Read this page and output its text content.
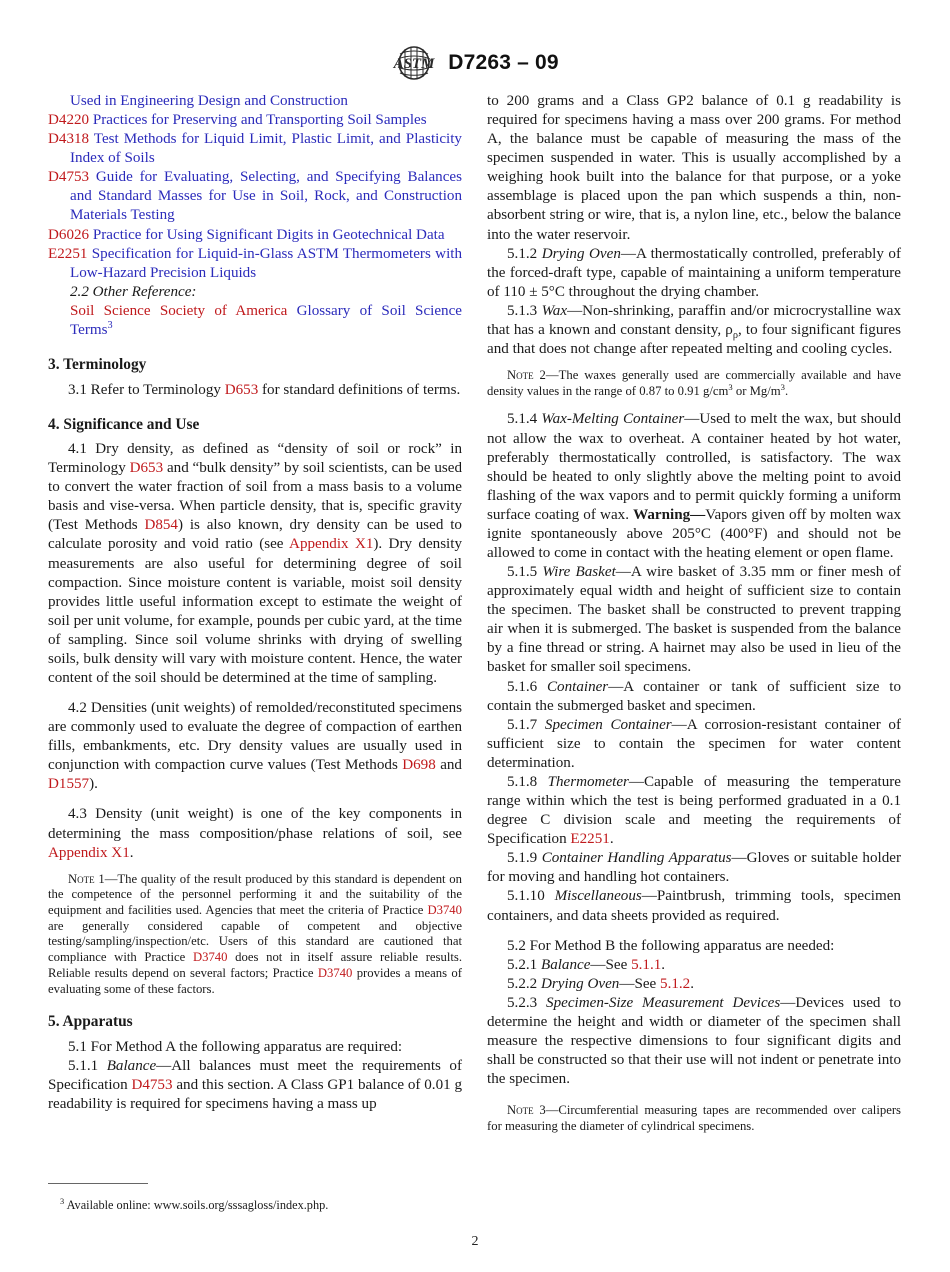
ASTM D7263 – 09

Used in Engineering Design and Construction

D4220 Practices for Preserving and Transporting Soil Samples

D4318 Test Methods for Liquid Limit, Plastic Limit, and Plasticity Index of Soils

D4753 Guide for Evaluating, Selecting, and Specifying Balances and Standard Masses for Use in Soil, Rock, and Construction Materials Testing

D6026 Practice for Using Significant Digits in Geotechnical Data

E2251 Specification for Liquid-in-Glass ASTM Thermometers with Low-Hazard Precision Liquids

2.2 Other Reference:

Soil Science Society of America Glossary of Soil Science Terms$^3$

3. Terminology

3.1 Refer to Terminology D653 for standard definitions of terms.

4. Significance and Use

4.1 Dry density, as defined as “density of soil or rock” in Terminology D653 and “bulk density” by soil scientists, can be used to convert the water fraction of soil from a mass basis to a volume basis and vise-versa. When particle density, that is, specific gravity (Test Methods D854) is also known, dry density can be used to calculate porosity and void ratio (see Appendix X1). Dry density measurements are also useful for determining degree of soil compaction. Since moisture content is variable, moist soil density provides little useful information except to estimate the weight of soil per unit volume, for example, pounds per cubic yard, at the time of sampling. Since soil volume shrinks with drying of swelling soils, bulk density will vary with moisture content. Hence, the water content of the soil should be determined at the time of sampling.

4.2 Densities (unit weights) of remolded/reconstituted specimens are commonly used to evaluate the degree of compaction of earthen fills, embankments, etc. Dry density values are usually used in conjunction with compaction curve values (Test Methods D698 and D1557).

4.3 Density (unit weight) is one of the key components in determining the mass composition/phase relations of soil, see Appendix X1.

Note 1—The quality of the result produced by this standard is dependent on the competence of the personnel performing it and the suitability of the equipment and facilities used. Agencies that meet the criteria of Practice D3740 are generally considered capable of competent and objective testing/sampling/inspection/etc. Users of this standard are cautioned that compliance with Practice D3740 does not in itself assure reliable results. Reliable results depend on several factors; Practice D3740 provides a means of evaluating some of these factors.

5. Apparatus

5.1 For Method A the following apparatus are required:

5.1.1 Balance—All balances must meet the requirements of Specification D4753 and this section. A Class GP1 balance of 0.01 g readability is required for specimens having a mass up

to 200 grams and a Class GP2 balance of 0.1 g readability is required for specimens having a mass over 200 grams. For method A, the balance must be capable of measuring the mass of the specimen suspended in water. This is usually accomplished by a weighing hook built into the balance for that purpose, or a yoke assemblage is placed upon the pan which suspends a thin, non-absorbent string or wire, that is, a nylon line, etc., below the balance into the water reservoir.

5.1.2 Drying Oven—A thermostatically controlled, preferably of the forced-draft type, capable of maintaining a uniform temperature of 110 ± 5°C throughout the drying chamber.

5.1.3 Wax—Non-shrinking, paraffin and/or microcrystalline wax that has a known and constant density, $\rho_\rho$, to four significant figures and that does not change after repeated melting and cooling cycles.

Note 2—The waxes generally used are commercially available and have density values in the range of 0.87 to 0.91 $g/cm^3$ or $Mg/m^3$.

5.1.4 Wax-Melting Container—Used to melt the wax, but should not allow the wax to overheat. A container heated by hot water, preferably thermostatically controlled, is satisfactory. The wax should be heated to only slightly above the melting point to avoid flashing of the wax vapors and to permit quickly forming a uniform surface coating of wax. Warning—Vapors given off by molten wax ignite spontaneously above 205°C (400°F) and should not be allowed to come in contact with the heating element or open flame.

5.1.5 Wire Basket—A wire basket of 3.35 mm or finer mesh of approximately equal width and height of sufficient size to contain the specimen. The basket shall be constructed to prevent trapping air when it is submerged. The basket is suspended from the balance by a fine thread or string. A hairnet may also be used in lieu of the basket for smaller soil specimens.

5.1.6 Container—A container or tank of sufficient size to contain the submerged basket and specimen.

5.1.7 Specimen Container—A corrosion-resistant container of sufficient size to contain the specimen for water content determination.

5.1.8 Thermometer—Capable of measuring the temperature range within which the test is being performed graduated in a 0.1 degree C division scale and meeting the requirements of Specification E2251.

5.1.9 Container Handling Apparatus—Gloves or suitable holder for moving and handling hot containers.

5.1.10 Miscellaneous—Paintbrush, trimming tools, specimen containers, and data sheets provided as required.

5.2 For Method B the following apparatus are needed:

5.2.1 Balance—See 5.1.1.

5.2.2 Drying Oven—See 5.1.2.

5.2.3 Specimen-Size Measurement Devices—Devices used to determine the height and width or diameter of the specimen shall measure the respective dimensions to four significant digits and shall be constructed so that their use will not indent or penetrate into the specimen.

Note 3—Circumferential measuring tapes are recommended over calipers for measuring the diameter of cylindrical specimens.

$^3$ Available online: www.soils.org/sssagloss/index.php.

2
